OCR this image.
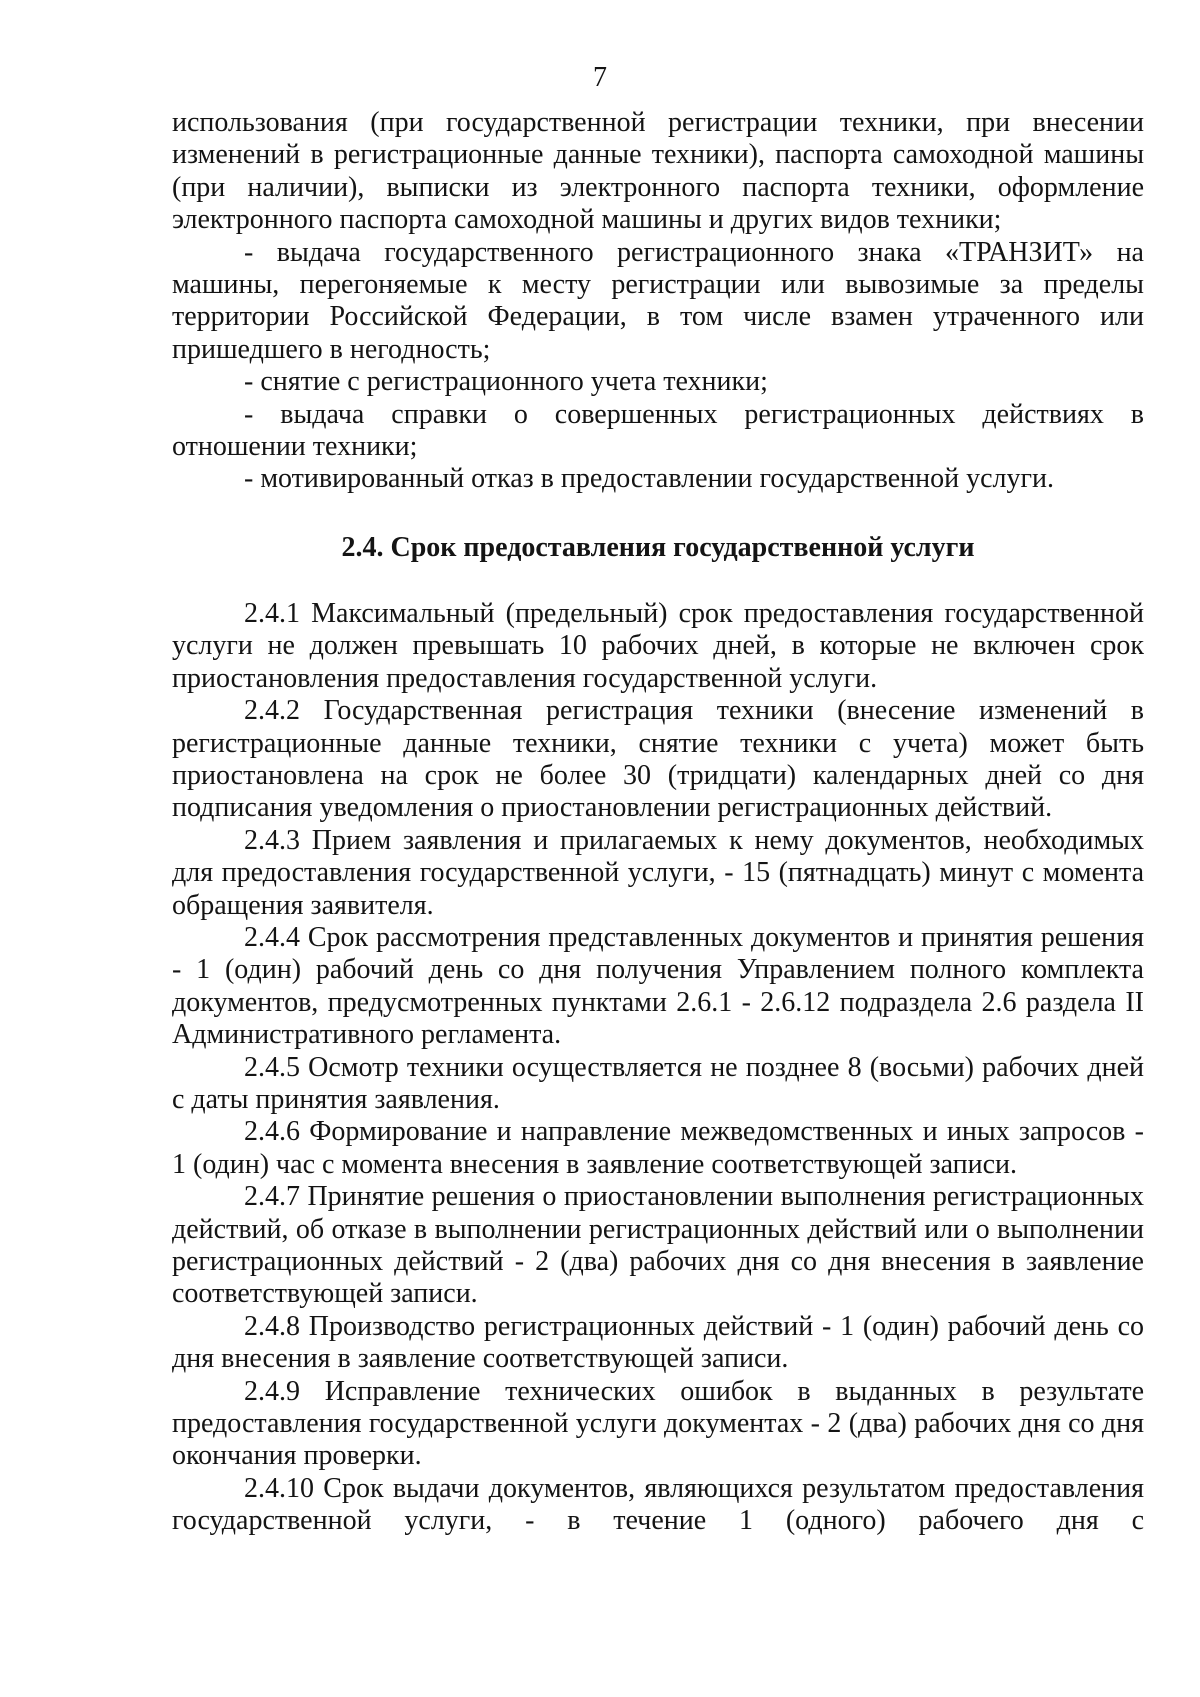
7

использования (при государственной регистрации техники, при внесении изменений в регистрационные данные техники), паспорта самоходной машины (при наличии), выписки из электронного паспорта техники, оформление электронного паспорта самоходной машины и других видов техники;

- выдача государственного регистрационного знака «ТРАНЗИТ» на машины, перегоняемые к месту регистрации или вывозимые за пределы территории Российской Федерации, в том числе взамен утраченного или пришедшего в негодность;

- снятие с регистрационного учета техники;

- выдача справки о совершенных регистрационных действиях в отношении техники;

- мотивированный отказ в предоставлении государственной услуги.

2.4. Срок предоставления государственной услуги

2.4.1 Максимальный (предельный) срок предоставления государственной услуги не должен превышать 10 рабочих дней, в которые не включен срок приостановления предоставления государственной услуги.

2.4.2 Государственная регистрация техники (внесение изменений в регистрационные данные техники, снятие техники с учета) может быть приостановлена на срок не более 30 (тридцати) календарных дней со дня подписания уведомления о приостановлении регистрационных действий.

2.4.3 Прием заявления и прилагаемых к нему документов, необходимых для предоставления государственной услуги, - 15 (пятнадцать) минут с момента обращения заявителя.

2.4.4 Срок рассмотрения представленных документов и принятия решения - 1 (один) рабочий день со дня получения Управлением полного комплекта документов, предусмотренных пунктами 2.6.1 - 2.6.12 подраздела 2.6 раздела II Административного регламента.

2.4.5 Осмотр техники осуществляется не позднее 8 (восьми) рабочих дней с даты принятия заявления.

2.4.6 Формирование и направление межведомственных и иных запросов - 1 (один) час с момента внесения в заявление соответствующей записи.

2.4.7 Принятие решения о приостановлении выполнения регистрационных действий, об отказе в выполнении регистрационных действий или о выполнении регистрационных действий - 2 (два) рабочих дня со дня внесения в заявление соответствующей записи.

2.4.8 Производство регистрационных действий - 1 (один) рабочий день со дня внесения в заявление соответствующей записи.

2.4.9 Исправление технических ошибок в выданных в результате предоставления государственной услуги документах - 2 (два) рабочих дня со дня окончания проверки.

2.4.10 Срок выдачи документов, являющихся результатом предоставления государственной услуги, - в течение 1 (одного) рабочего дня с
